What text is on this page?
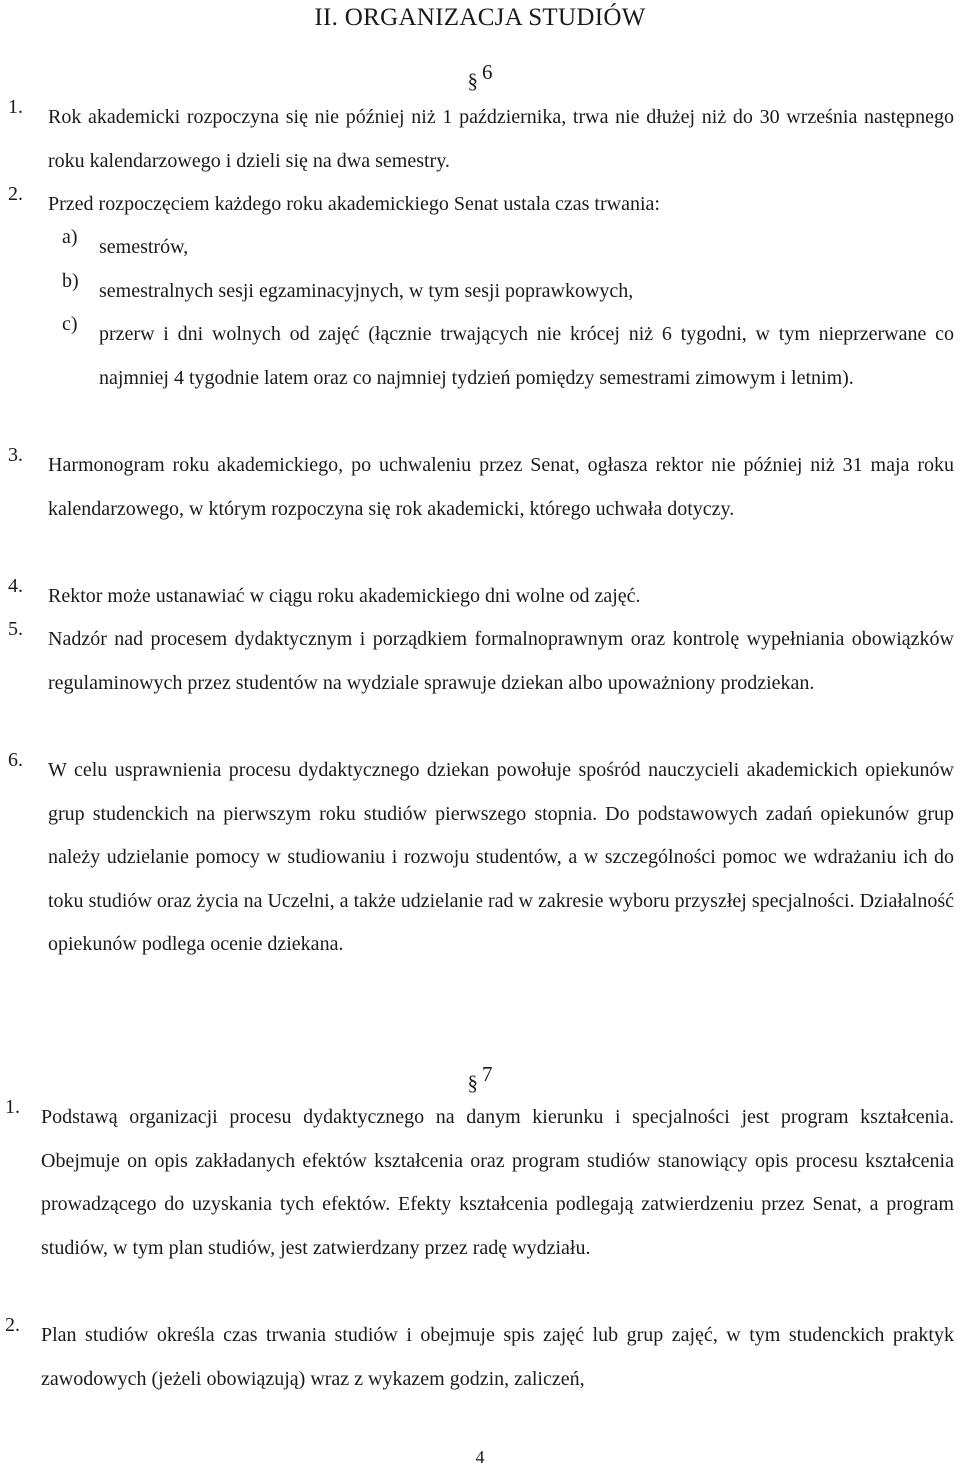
II. ORGANIZACJA STUDIÓW
§ 6
1. Rok akademicki rozpoczyna się nie później niż 1 października, trwa nie dłużej niż do 30 września następnego roku kalendarzowego i dzieli się na dwa semestry.
2. Przed rozpoczęciem każdego roku akademickiego Senat ustala czas trwania:
a) semestrów,
b) semestralnych sesji egzaminacyjnych, w tym sesji poprawkowych,
c) przerw i dni wolnych od zajęć (łącznie trwających nie krócej niż 6 tygodni, w tym nieprzerwane co najmniej 4 tygodnie latem oraz co najmniej tydzień pomiędzy semestrami zimowym i letnim).
3. Harmonogram roku akademickiego, po uchwaleniu przez Senat, ogłasza rektor nie później niż 31 maja roku kalendarzowego, w którym rozpoczyna się rok akademicki, którego uchwała dotyczy.
4. Rektor może ustanawiać w ciągu roku akademickiego dni wolne od zajęć.
5. Nadzór nad procesem dydaktycznym i porządkiem formalnoprawnym oraz kontrolę wypełniania obowiązków regulaminowych przez studentów na wydziale sprawuje dziekan albo upoważniony prodziekan.
6. W celu usprawnienia procesu dydaktycznego dziekan powołuje spośród nauczycieli akademickich opiekunów grup studenckich na pierwszym roku studiów pierwszego stopnia. Do podstawowych zadań opiekunów grup należy udzielanie pomocy w studiowaniu i rozwoju studentów, a w szczególności pomoc we wdrażaniu ich do toku studiów oraz życia na Uczelni, a także udzielanie rad w zakresie wyboru przyszłej specjalności. Działalność opiekunów podlega ocenie dziekana.
§ 7
1. Podstawą organizacji procesu dydaktycznego na danym kierunku i specjalności jest program kształcenia. Obejmuje on opis zakładanych efektów kształcenia oraz program studiów stanowiący opis procesu kształcenia prowadzącego do uzyskania tych efektów. Efekty kształcenia podlegają zatwierdzeniu przez Senat, a program studiów, w tym plan studiów, jest zatwierdzany przez radę wydziału.
2. Plan studiów określa czas trwania studiów i obejmuje spis zajęć lub grup zajęć, w tym studenckich praktyk zawodowych (jeżeli obowiązują) wraz z wykazem godzin, zaliczeń,
4
